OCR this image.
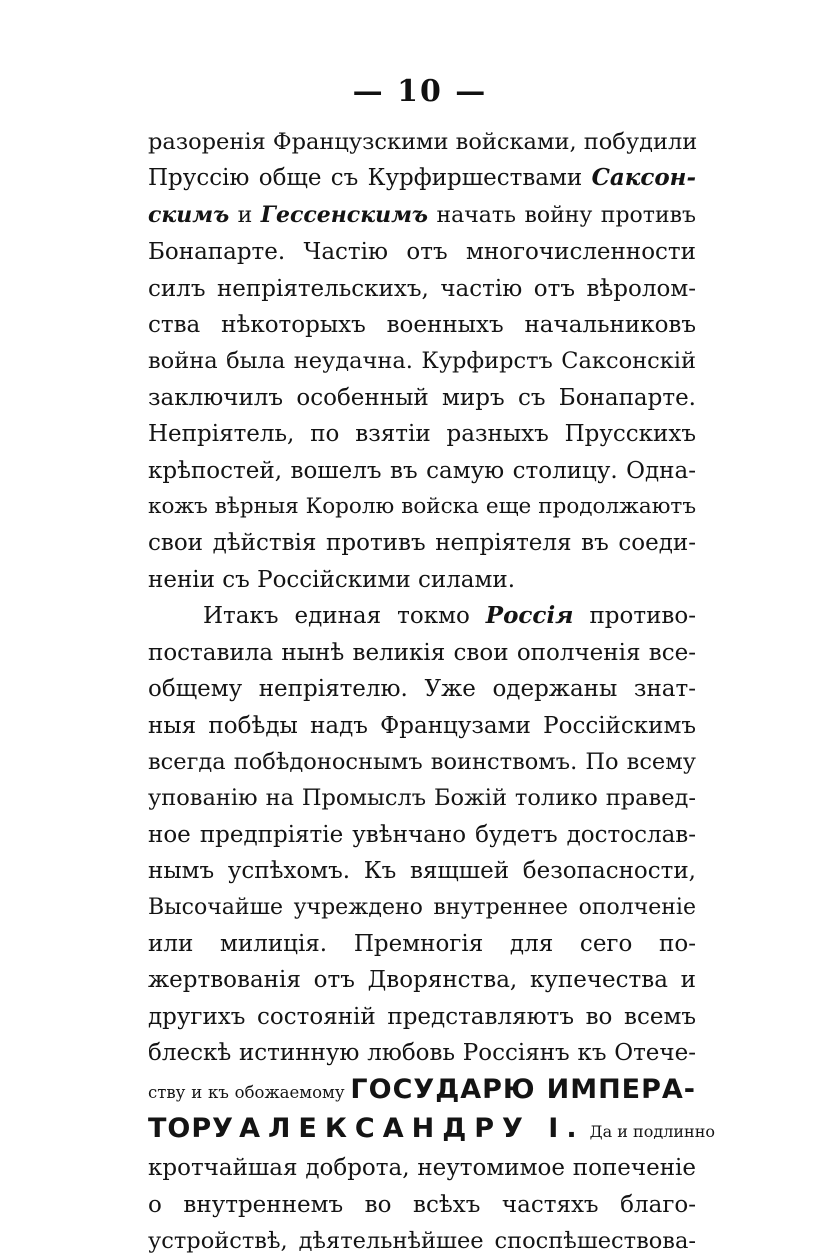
— 10 —
разоренія Французскими войсками, побудили
Пруссію обще съ Курфиршествами Саксон-
скимъ и Гессенскимъ начать войну противъ
Бонапарте. Частію отъ многочисленности
силъ непріятельскихъ, частію отъ вѣролом-
ства нѣкоторыхъ военныхъ начальниковъ
война была неудачна. Курфирстъ Саксонскій
заключилъ особенный миръ съ Бонапарте.
Непріятель, по взятіи разныхъ Прусскихъ
крѣпостей, вошелъ въ самую столицу. Одна-
кожъ вѣрныя Королю войска еще продолжаютъ
свои дѣйствія противъ непріятеля въ соеди-
неніи съ Россійскими силами.
Итакъ единая токмо Россія противо-
поставила нынѣ великія свои ополченія все-
общему непріятелю. Уже одержаны знат-
ныя побѣды надъ Французами Россійскимъ
всегда побѣдоноснымъ воинствомъ. По всему
упованію на Промыслъ Божій толико правед-
ное предпріятіе увѣнчано будетъ достослав-
нымъ успѣхомъ. Къ вящшей безопасности,
Высочайше учреждено внутреннее ополченіе
или милиція. Премногія для сего по-
жертвованія отъ Дворянства, купечества и
другихъ состояній представляютъ во всемъ
блескѣ истинную любовь Россіянъ къ Отече-
ству и къ обожаемому ГОСУДАРЮ ИМПЕРА-
ТОРУ АЛЕКСАНДРУ I. Да и подлинно
кротчайшая доброта, неутомимое попеченіе
о внутреннемъ во всѣхъ частяхъ благо-
устройствѣ, дѣятельнѣйшее споспѣшествова-
